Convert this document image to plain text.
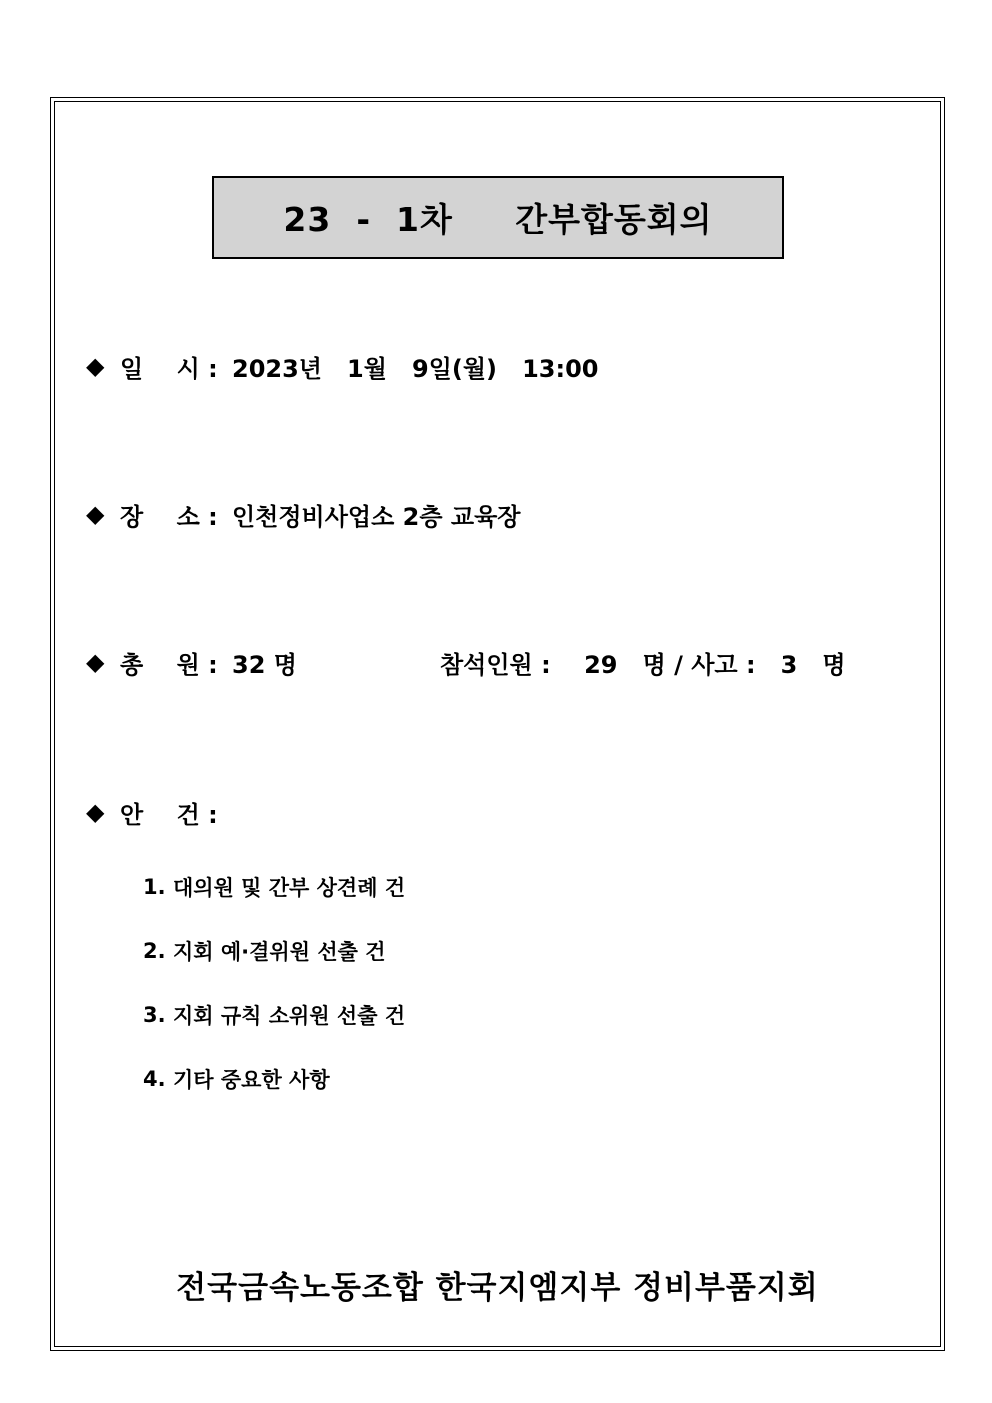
23  -  1차     간부합동회의
◆ 일    시 : 2023년   1월   9일(월)   13:00
◆ 장    소 : 인천정비사업소 2층 교육장
◆ 총    원 : 32 명	참석인원 :    29   명 / 사고 :   3   명
◆ 안    건 :
1. 대의원 및 간부 상견례 건
2. 지회 예·결위원 선출 건
3. 지회 규칙 소위원 선출 건
4. 기타 중요한 사항
전국금속노동조합 한국지엠지부 정비부품지회
